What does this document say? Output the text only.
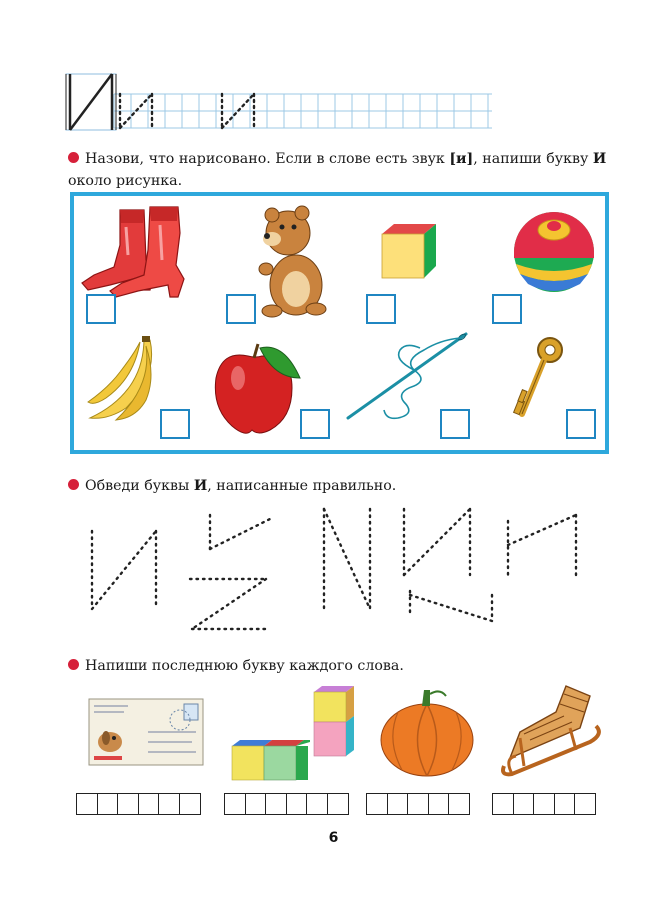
Назови, что нарисовано. Если в слове есть звук [и], напиши букву И около рисунка.
Обведи буквы И, написанные правильно.
Напиши последнюю букву каждого слова.
6
